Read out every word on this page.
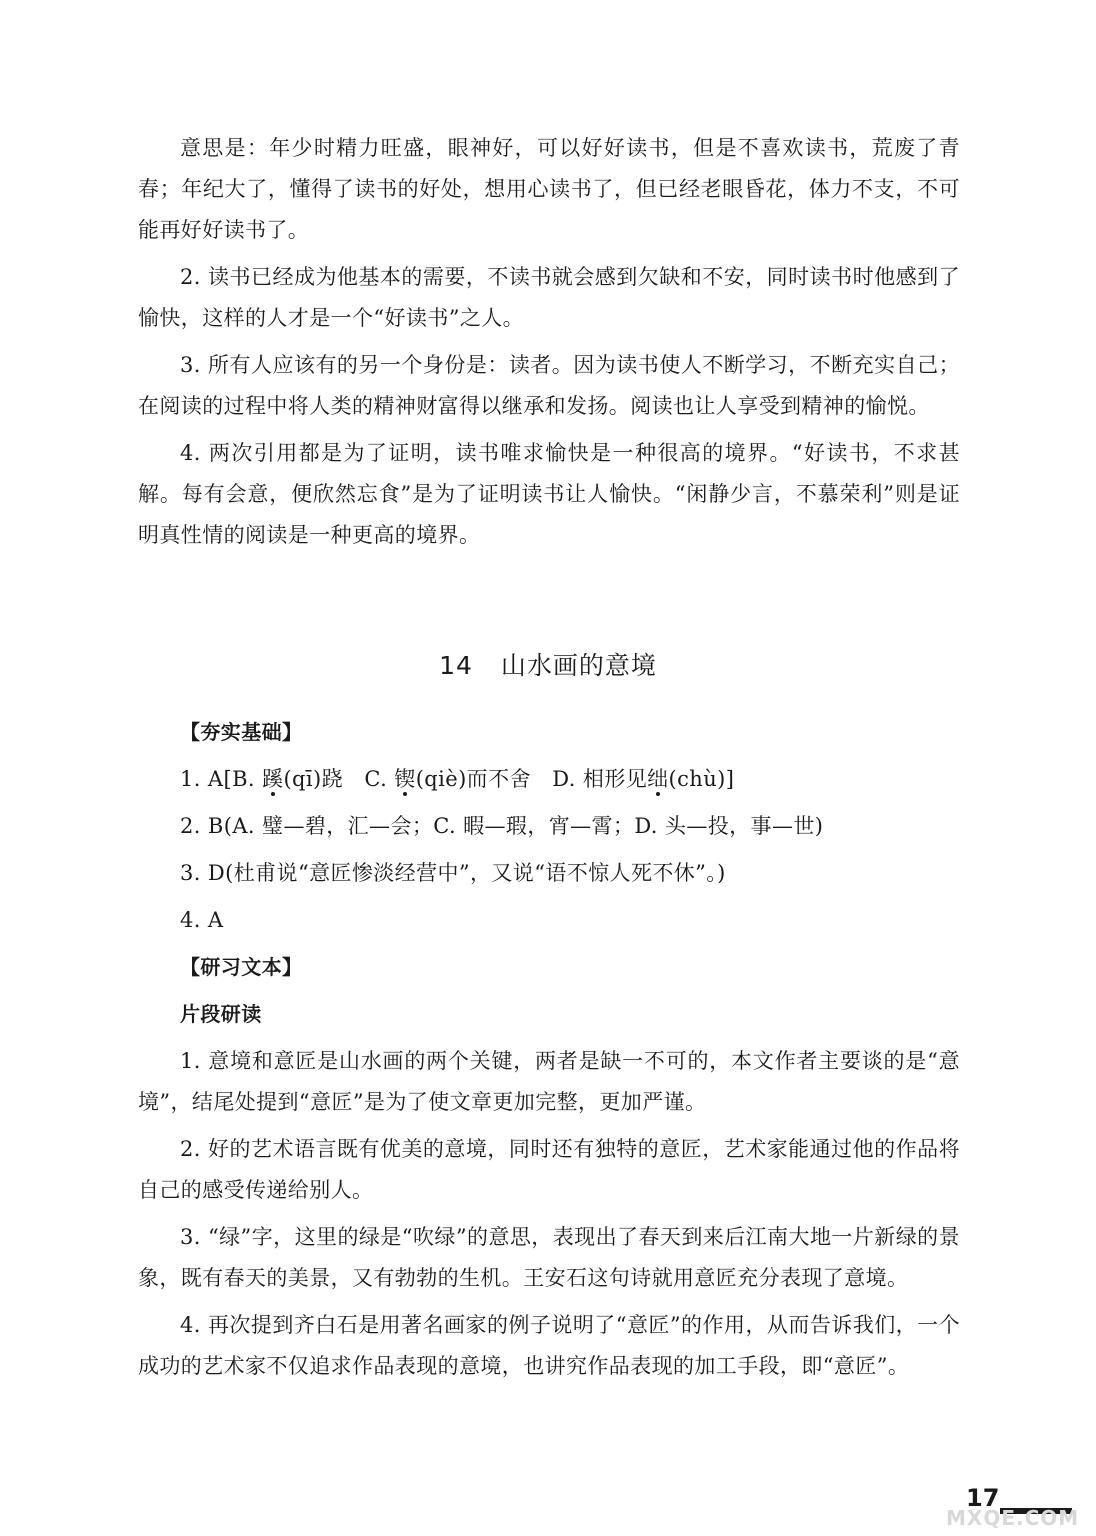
意思是：年少时精力旺盛，眼神好，可以好好读书，但是不喜欢读书，荒废了青春；年纪大了，懂得了读书的好处，想用心读书了，但已经老眼昏花，体力不支，不可能再好好读书了。

2. 读书已经成为他基本的需要，不读书就会感到欠缺和不安，同时读书时他感到了愉快，这样的人才是一个“好读书”之人。

3. 所有人应该有的另一个身份是：读者。因为读书使人不断学习，不断充实自己；在阅读的过程中将人类的精神财富得以继承和发扬。阅读也让人享受到精神的愉悦。

4. 两次引用都是为了证明，读书唯求愉快是一种很高的境界。“好读书，不求甚解。每有会意，便欣然忘食”是为了证明读书让人愉快。“闲静少言，不慕荣利”则是证明真性情的阅读是一种更高的境界。

14 山水画的意境

【夯实基础】

1. A[B. 蹊(qī)跷　C. 锲(qiè)而不舍　D. 相形见绌(chù)]

2. B(A. 璧—碧，汇—会；C. 暇—瑕，宵—霄；D. 头—投，事—世)

3. D(杜甫说“意匠惨淡经营中”，又说“语不惊人死不休”。)

4. A

【研习文本】

片段研读

1. 意境和意匠是山水画的两个关键，两者是缺一不可的，本文作者主要谈的是“意境”，结尾处提到“意匠”是为了使文章更加完整，更加严谨。

2. 好的艺术语言既有优美的意境，同时还有独特的意匠，艺术家能通过他的作品将自己的感受传递给别人。

3. “绿”字，这里的绿是“吹绿”的意思，表现出了春天到来后江南大地一片新绿的景象，既有春天的美景，又有勃勃的生机。王安石这句诗就用意匠充分表现了意境。

4. 再次提到齐白石是用著名画家的例子说明了“意匠”的作用，从而告诉我们，一个成功的艺术家不仅追求作品表现的意境，也讲究作品表现的加工手段，即“意匠”。

17
MXQE.COM
